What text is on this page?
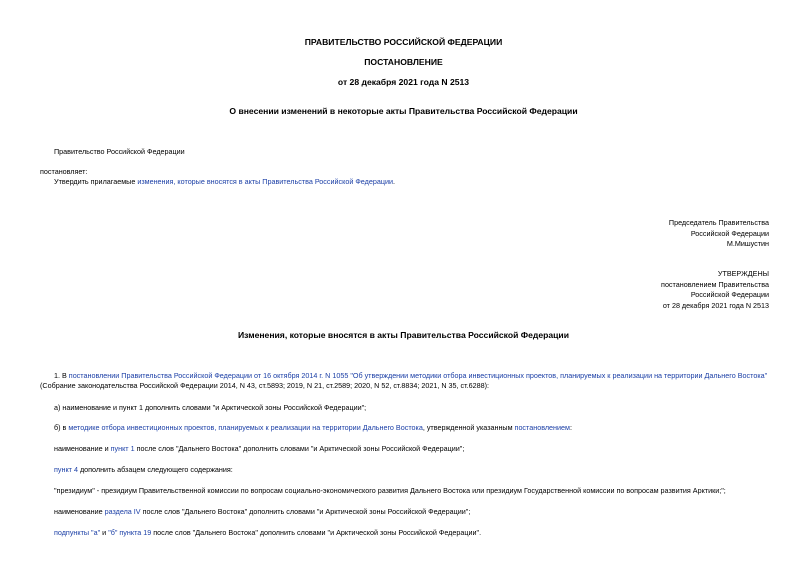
ПРАВИТЕЛЬСТВО РОССИЙСКОЙ ФЕДЕРАЦИИ
ПОСТАНОВЛЕНИЕ
от 28 декабря 2021 года N 2513
О внесении изменений в некоторые акты Правительства Российской Федерации
Правительство Российской Федерации
постановляет:
Утвердить прилагаемые изменения, которые вносятся в акты Правительства Российской Федерации.
Председатель Правительства
Российской Федерации
М.Мишустин
УТВЕРЖДЕНЫ
постановлением Правительства
Российской Федерации
от 28 декабря 2021 года N 2513
Изменения, которые вносятся в акты Правительства Российской Федерации
1. В постановлении Правительства Российской Федерации от 16 октября 2014 г. N 1055 "Об утверждении методики отбора инвестиционных проектов, планируемых к реализации на территории Дальнего Востока"
(Собрание законодательства Российской Федерации 2014, N 43, ст.5893; 2019, N 21, ст.2589; 2020, N 52, ст.8834; 2021, N 35, ст.6288):
а) наименование и пункт 1 дополнить словами "и Арктической зоны Российской Федерации";
б) в методике отбора инвестиционных проектов, планируемых к реализации на территории Дальнего Востока, утвержденной указанным постановлением:
наименование и пункт 1 после слов "Дальнего Востока" дополнить словами "и Арктической зоны Российской Федерации";
пункт 4 дополнить абзацем следующего содержания:
"президиум" - президиум Правительственной комиссии по вопросам социально-экономического развития Дальнего Востока или президиум Государственной комиссии по вопросам развития Арктики;";
наименование раздела IV после слов "Дальнего Востока" дополнить словами "и Арктической зоны Российской Федерации";
подпункты "а" и "б" пункта 19 после слов "Дальнего Востока" дополнить словами "и Арктической зоны Российской Федерации".
